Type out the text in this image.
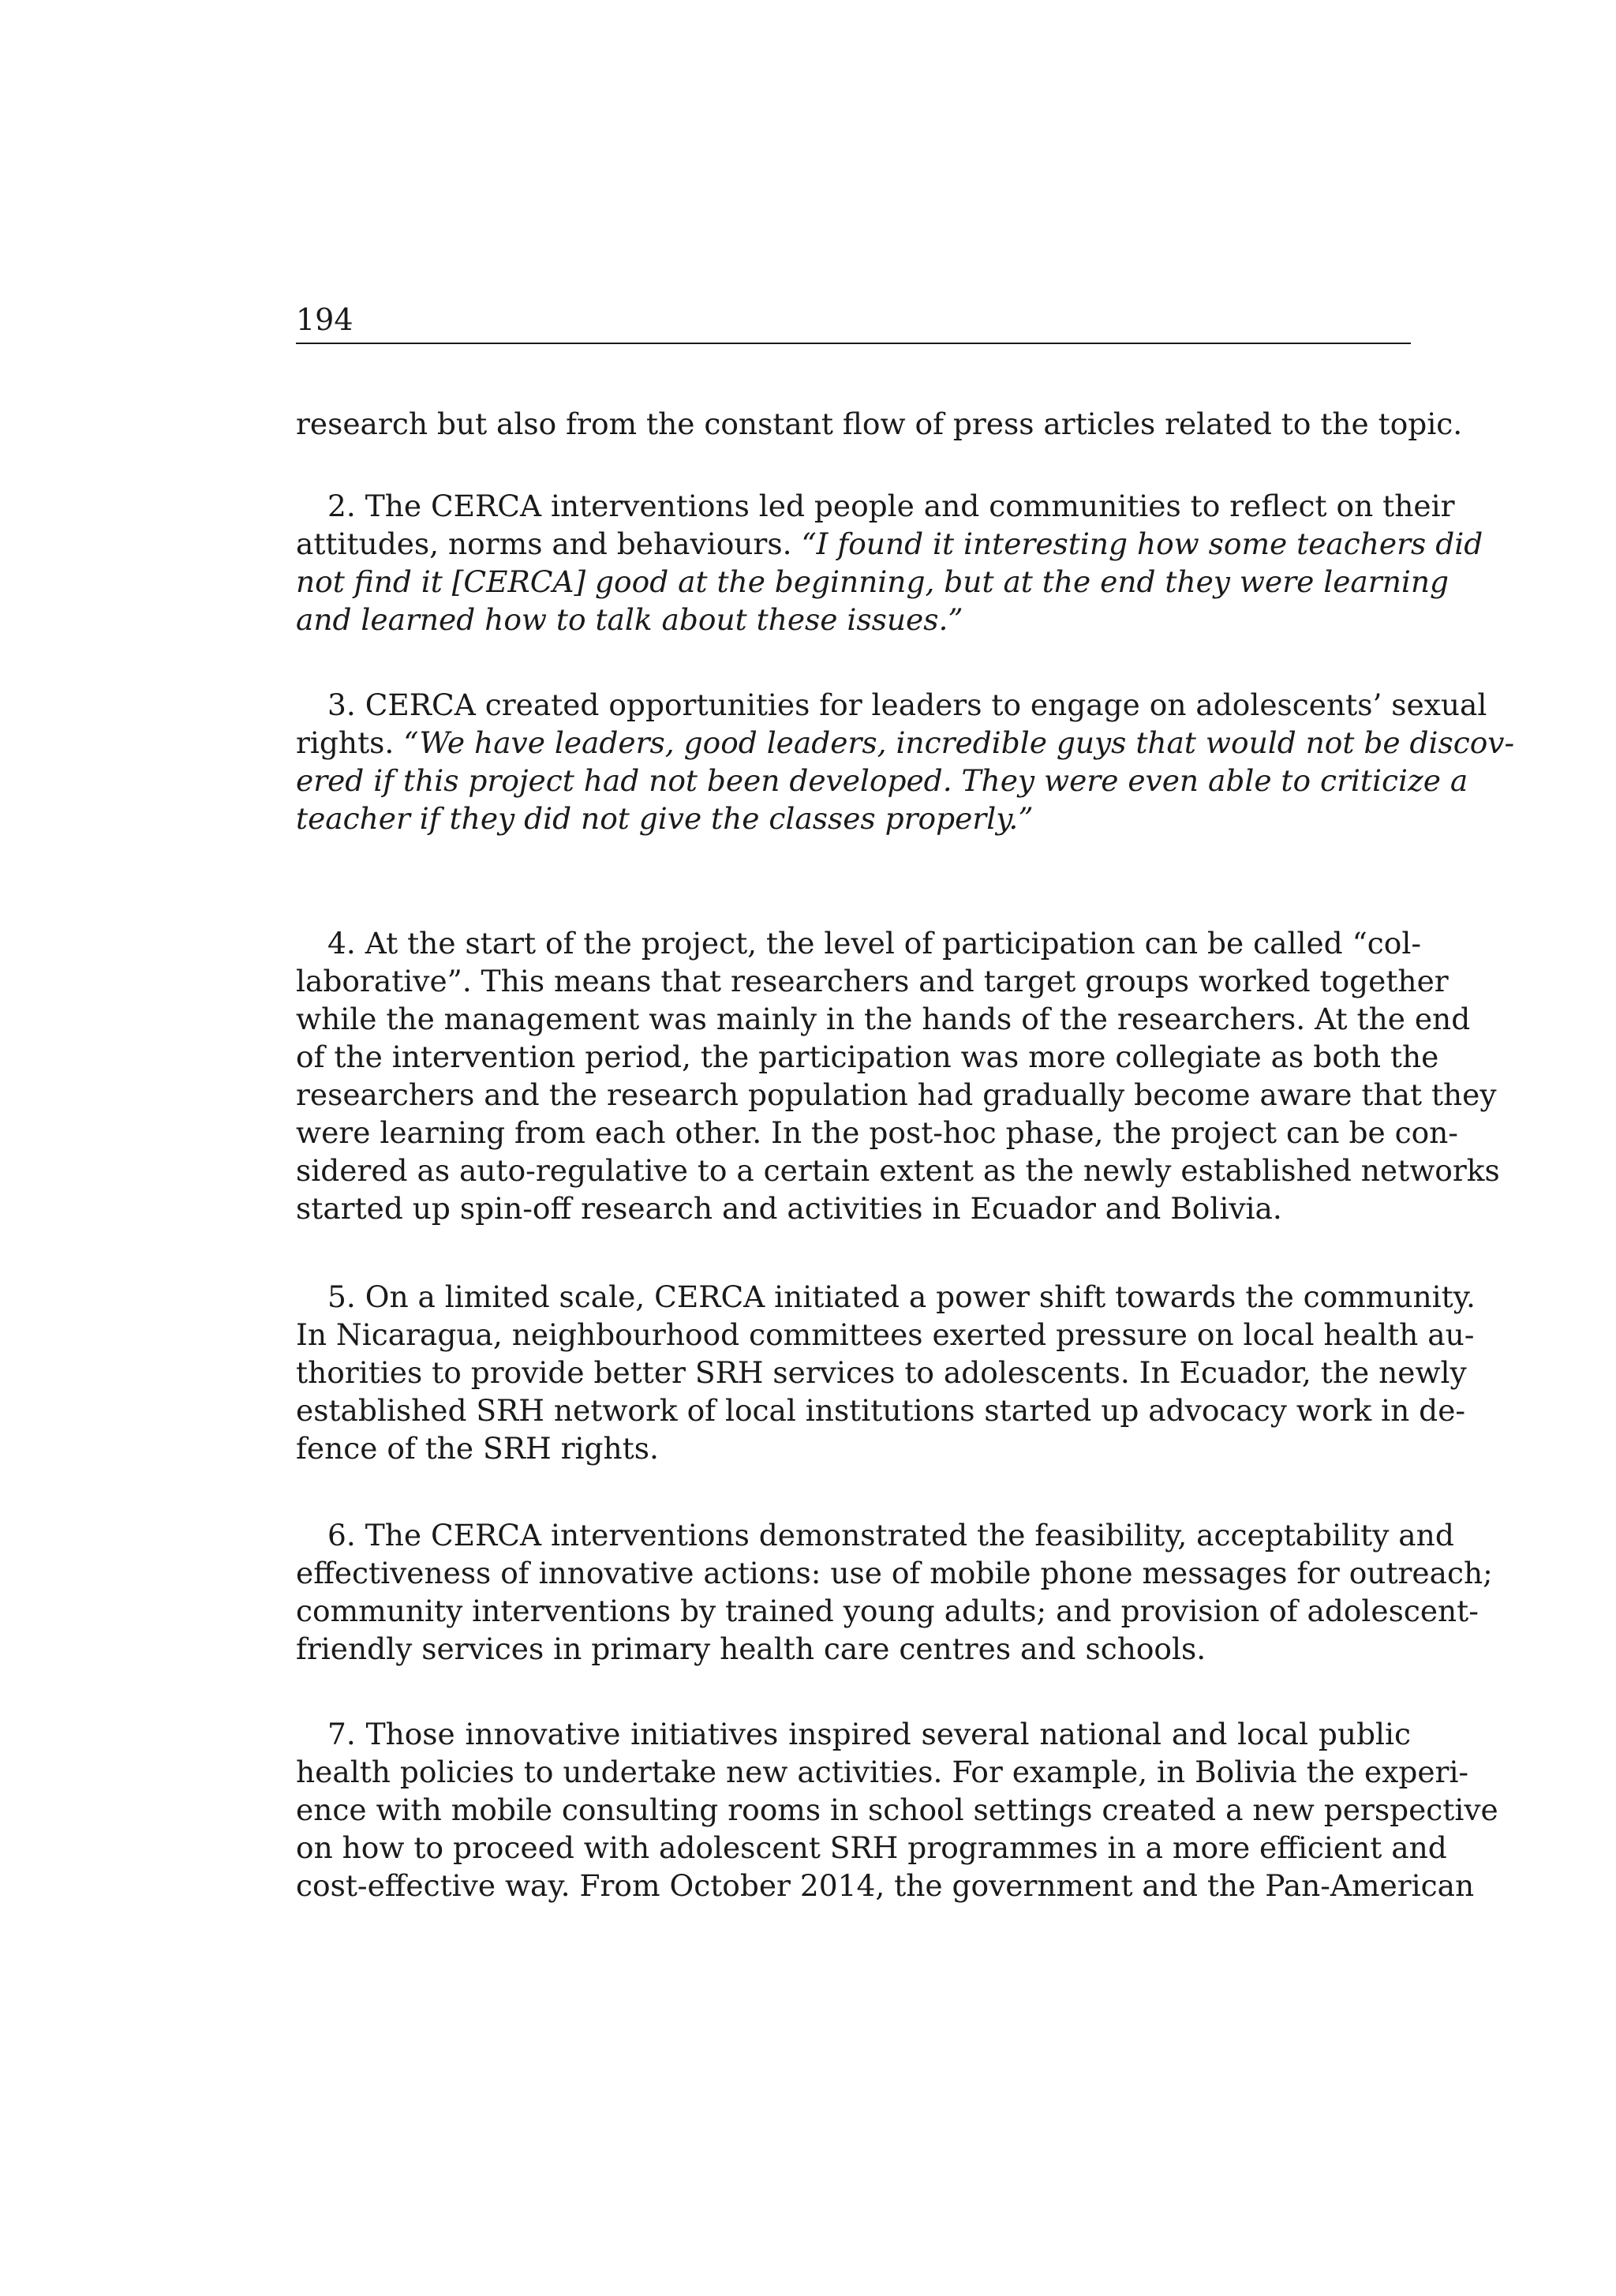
194
research but also from the constant flow of press articles related to the topic.
2. The CERCA interventions led people and communities to reflect on their
attitudes, norms and behaviours. “I found it interesting how some teachers did
not find it [CERCA] good at the beginning, but at the end they were learning
and learned how to talk about these issues.”
3. CERCA created opportunities for leaders to engage on adolescents’ sexual
rights. “We have leaders, good leaders, incredible guys that would not be discov-
ered if this project had not been developed. They were even able to criticize a
teacher if they did not give the classes properly.”
4. At the start of the project, the level of participation can be called “col-
laborative”. This means that researchers and target groups worked together
while the management was mainly in the hands of the researchers. At the end
of the intervention period, the participation was more collegiate as both the
researchers and the research population had gradually become aware that they
were learning from each other. In the post-hoc phase, the project can be con-
sidered as auto-regulative to a certain extent as the newly established networks
started up spin-off research and activities in Ecuador and Bolivia.
5. On a limited scale, CERCA initiated a power shift towards the community.
In Nicaragua, neighbourhood committees exerted pressure on local health au-
thorities to provide better SRH services to adolescents. In Ecuador, the newly
established SRH network of local institutions started up advocacy work in de-
fence of the SRH rights.
6. The CERCA interventions demonstrated the feasibility, acceptability and
effectiveness of innovative actions: use of mobile phone messages for outreach;
community interventions by trained young adults; and provision of adolescent-
friendly services in primary health care centres and schools.
7. Those innovative initiatives inspired several national and local public
health policies to undertake new activities. For example, in Bolivia the experi-
ence with mobile consulting rooms in school settings created a new perspective
on how to proceed with adolescent SRH programmes in a more efficient and
cost-effective way. From October 2014, the government and the Pan-American
